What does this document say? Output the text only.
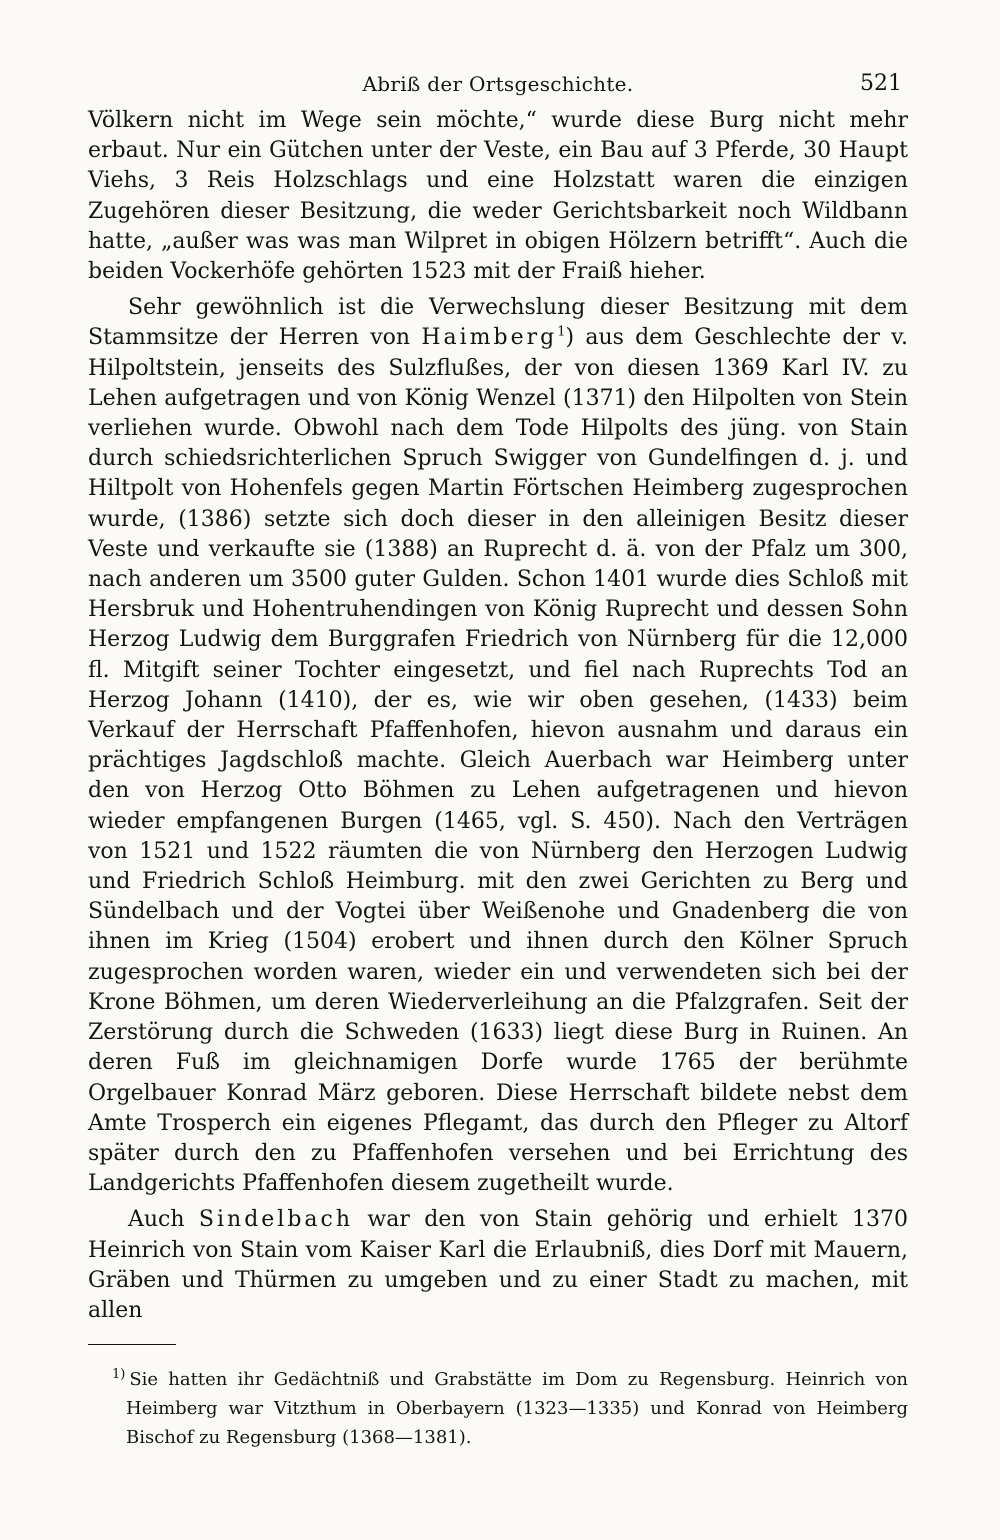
Abriß der Ortsgeschichte.	521

Völkern nicht im Wege sein möchte,“ wurde diese Burg nicht mehr erbaut. Nur ein Gütchen unter der Veste, ein Bau auf 3 Pferde, 30 Haupt Viehs, 3 Reis Holzschlags und eine Holzstatt waren die einzigen Zugehören dieser Besitzung, die weder Gerichtsbarkeit noch Wildbann hatte, „außer was was man Wilpret in obigen Hölzern betrifft“. Auch die beiden Vockerhöfe gehörten 1523 mit der Fraiß hieher.

Sehr gewöhnlich ist die Verwechslung dieser Besitzung mit dem Stammsitze der Herren von Haimberg$^1$) aus dem Geschlechte der v. Hilpoltstein, jenseits des Sulzflußes, der von diesen 1369 Karl IV. zu Lehen aufgetragen und von König Wenzel (1371) den Hilpolten von Stein verliehen wurde. Obwohl nach dem Tode Hilpolts des jüng. von Stain durch schiedsrichterlichen Spruch Swigger von Gundelfingen d. j. und Hiltpolt von Hohenfels gegen Martin Förtschen Heimberg zugesprochen wurde, (1386) setzte sich doch dieser in den alleinigen Besitz dieser Veste und verkaufte sie (1388) an Ruprecht d. ä. von der Pfalz um 300, nach anderen um 3500 guter Gulden. Schon 1401 wurde dies Schloß mit Hersbruk und Hohentruhendingen von König Ruprecht und dessen Sohn Herzog Ludwig dem Burggrafen Friedrich von Nürnberg für die 12,000 fl. Mitgift seiner Tochter eingesetzt, und fiel nach Ruprechts Tod an Herzog Johann (1410), der es, wie wir oben gesehen, (1433) beim Verkauf der Herrschaft Pfaffenhofen, hievon ausnahm und daraus ein prächtiges Jagdschloß machte. Gleich Auerbach war Heimberg unter den von Herzog Otto Böhmen zu Lehen aufgetragenen und hievon wieder empfangenen Burgen (1465, vgl. S. 450). Nach den Verträgen von 1521 und 1522 räumten die von Nürnberg den Herzogen Ludwig und Friedrich Schloß Heimburg. mit den zwei Gerichten zu Berg und Sündelbach und der Vogtei über Weißenohe und Gnadenberg die von ihnen im Krieg (1504) erobert und ihnen durch den Kölner Spruch zugesprochen worden waren, wieder ein und verwendeten sich bei der Krone Böhmen, um deren Wiederverleihung an die Pfalzgrafen. Seit der Zerstörung durch die Schweden (1633) liegt diese Burg in Ruinen. An deren Fuß im gleichnamigen Dorfe wurde 1765 der berühmte Orgelbauer Konrad März geboren. Diese Herrschaft bildete nebst dem Amte Trosperch ein eigenes Pflegamt, das durch den Pfleger zu Altorf später durch den zu Pfaffenhofen versehen und bei Errichtung des Landgerichts Pfaffenhofen diesem zugetheilt wurde.

Auch Sindelbach war den von Stain gehörig und erhielt 1370 Heinrich von Stain vom Kaiser Karl die Erlaubniß, dies Dorf mit Mauern, Gräben und Thürmen zu umgeben und zu einer Stadt zu machen, mit allen

$^{1)}$ Sie hatten ihr Gedächtniß und Grabstätte im Dom zu Regensburg. Heinrich von Heimberg war Vitzthum in Oberbayern (1323—1335) und Konrad von Heimberg Bischof zu Regensburg (1368—1381).
